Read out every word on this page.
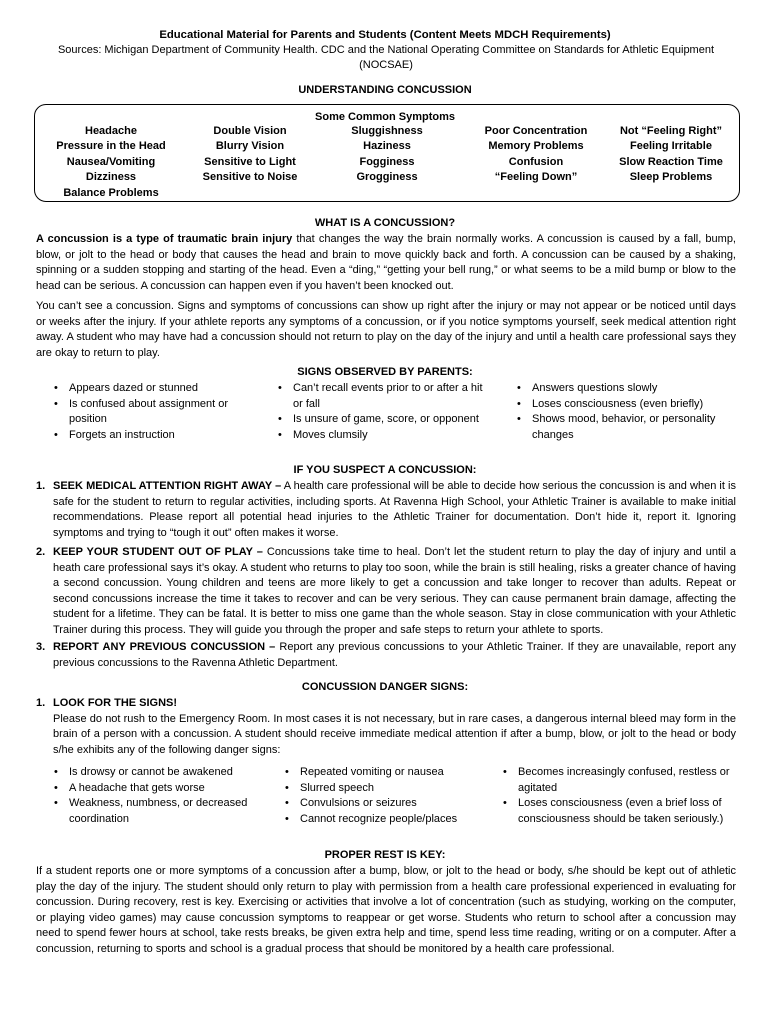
Educational Material for Parents and Students (Content Meets MDCH Requirements)
Sources: Michigan Department of Community Health. CDC and the National Operating Committee on Standards for Athletic Equipment (NOCSAE)
UNDERSTANDING CONCUSSION
Some Common Symptoms
Headache
Pressure in the Head
Nausea/Vomiting
Dizziness
Balance Problems
Double Vision
Blurry Vision
Sensitive to Light
Sensitive to Noise
Sluggishness
Haziness
Fogginess
Grogginess
Poor Concentration
Memory Problems
Confusion
“Feeling Down”
Not “Feeling Right”
Feeling Irritable
Slow Reaction Time
Sleep Problems
WHAT IS A CONCUSSION?
A concussion is a type of traumatic brain injury that changes the way the brain normally works. A concussion is caused by a fall, bump, blow, or jolt to the head or body that causes the head and brain to move quickly back and forth. A concussion can be caused by a shaking, spinning or a sudden stopping and starting of the head. Even a “ding,” “getting your bell rung,” or what seems to be a mild bump or blow to the head can be serious. A concussion can happen even if you haven’t been knocked out.
You can’t see a concussion. Signs and symptoms of concussions can show up right after the injury or may not appear or be noticed until days or weeks after the injury. If your athlete reports any symptoms of a concussion, or if you notice symptoms yourself, seek medical attention right away. A student who may have had a concussion should not return to play on the day of the injury and until a health care professional says they are okay to return to play.
SIGNS OBSERVED BY PARENTS:
• Appears dazed or stunned
• Is confused about assignment or position
• Forgets an instruction
• Can’t recall events prior to or after a hit or fall
• Is unsure of game, score, or opponent
• Moves clumsily
• Answers questions slowly
• Loses consciousness (even briefly)
• Shows mood, behavior, or personality changes
IF YOU SUSPECT A CONCUSSION:
1. SEEK MEDICAL ATTENTION RIGHT AWAY – A health care professional will be able to decide how serious the concussion is and when it is safe for the student to return to regular activities, including sports. At Ravenna High School, your Athletic Trainer is available to make initial recommendations. Please report all potential head injuries to the Athletic Trainer for documentation. Don’t hide it, report it. Ignoring symptoms and trying to “tough it out” often makes it worse.
2. KEEP YOUR STUDENT OUT OF PLAY – Concussions take time to heal. Don’t let the student return to play the day of injury and until a heath care professional says it’s okay. A student who returns to play too soon, while the brain is still healing, risks a greater chance of having a second concussion. Young children and teens are more likely to get a concussion and take longer to recover than adults. Repeat or second concussions increase the time it takes to recover and can be very serious. They can cause permanent brain damage, affecting the student for a lifetime. They can be fatal. It is better to miss one game than the whole season. Stay in close communication with your Athletic Trainer during this process. They will guide you through the proper and safe steps to return your athlete to sports.
3. REPORT ANY PREVIOUS CONCUSSION – Report any previous concussions to your Athletic Trainer. If they are unavailable, report any previous concussions to the Ravenna Athletic Department.
CONCUSSION DANGER SIGNS:
1. LOOK FOR THE SIGNS!
Please do not rush to the Emergency Room. In most cases it is not necessary, but in rare cases, a dangerous internal bleed may form in the brain of a person with a concussion. A student should receive immediate medical attention if after a bump, blow, or jolt to the head or body s/he exhibits any of the following danger signs:
• Is drowsy or cannot be awakened
• A headache that gets worse
• Weakness, numbness, or decreased coordination
• Repeated vomiting or nausea
• Slurred speech
• Convulsions or seizures
• Cannot recognize people/places
• Becomes increasingly confused, restless or agitated
• Loses consciousness (even a brief loss of consciousness should be taken seriously.)
PROPER REST IS KEY:
If a student reports one or more symptoms of a concussion after a bump, blow, or jolt to the head or body, s/he should be kept out of athletic play the day of the injury. The student should only return to play with permission from a health care professional experienced in evaluating for concussion. During recovery, rest is key. Exercising or activities that involve a lot of concentration (such as studying, working on the computer, or playing video games) may cause concussion symptoms to reappear or get worse. Students who return to school after a concussion may need to spend fewer hours at school, take rests breaks, be given extra help and time, spend less time reading, writing or on a computer. After a concussion, returning to sports and school is a gradual process that should be monitored by a health care professional.
